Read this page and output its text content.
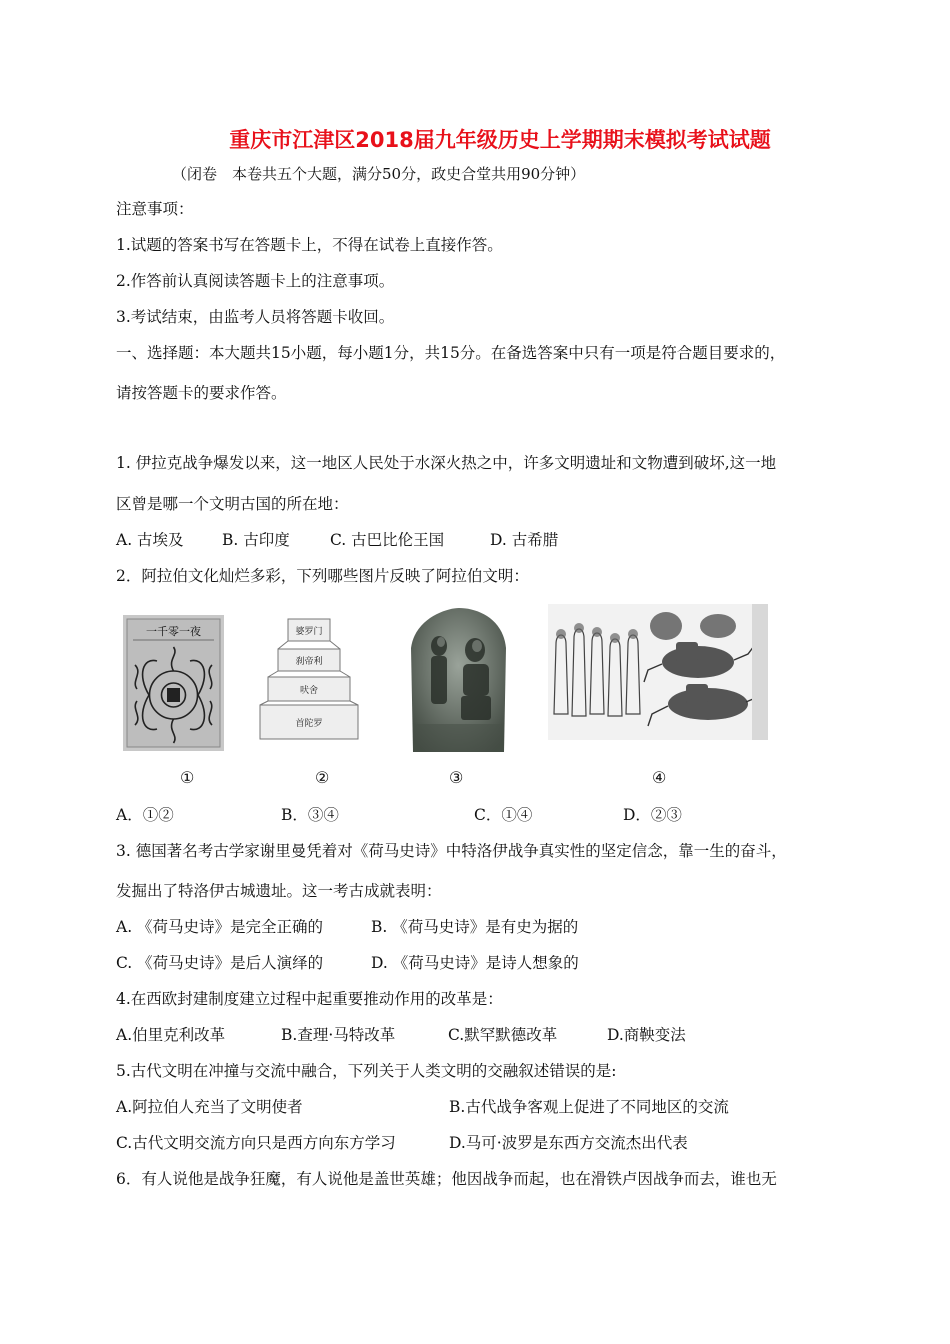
重庆市江津区2018届九年级历史上学期期末模拟考试试题
（闭卷　本卷共五个大题，满分50分，政史合堂共用90分钟）
注意事项：
1.试题的答案书写在答题卡上，不得在试卷上直接作答。
2.作答前认真阅读答题卡上的注意事项。
3.考试结束，由监考人员将答题卡收回。
一、选择题：本大题共15小题，每小题1分，共15分。在备选答案中只有一项是符合题目要求的，
请按答题卡的要求作答。
1. 伊拉克战争爆发以来，这一地区人民处于水深火热之中，许多文明遗址和文物遭到破坏,这一地
区曾是哪一个文明古国的所在地：
A. 古埃及 B. 古印度	C. 古巴比伦王国	D. 古希腊
2．阿拉伯文化灿烂多彩，下列哪些图片反映了阿拉伯文明：
一千零一夜	婆罗门
刹帝利
吠舍
首陀罗
①	②	③	④
A．①②	B．③④	C．①④	D．②③
3. 德国著名考古学家谢里曼凭着对《荷马史诗》中特洛伊战争真实性的坚定信念，靠一生的奋斗，
发掘出了特洛伊古城遗址。这一考古成就表明：
A. 《荷马史诗》是完全正确的	B. 《荷马史诗》是有史为据的
C. 《荷马史诗》是后人演绎的	D. 《荷马史诗》是诗人想象的
4.在西欧封建制度建立过程中起重要推动作用的改革是：
A.伯里克利改革	B.查理·马特改革	C.默罕默德改革	D.商鞅变法
5.古代文明在冲撞与交流中融合，下列关于人类文明的交融叙述错误的是:
A.阿拉伯人充当了文明使者	B.古代战争客观上促进了不同地区的交流
C.古代文明交流方向只是西方向东方学习	D.马可·波罗是东西方交流杰出代表
6．有人说他是战争狂魔，有人说他是盖世英雄；他因战争而起，也在滑铁卢因战争而去，谁也无
